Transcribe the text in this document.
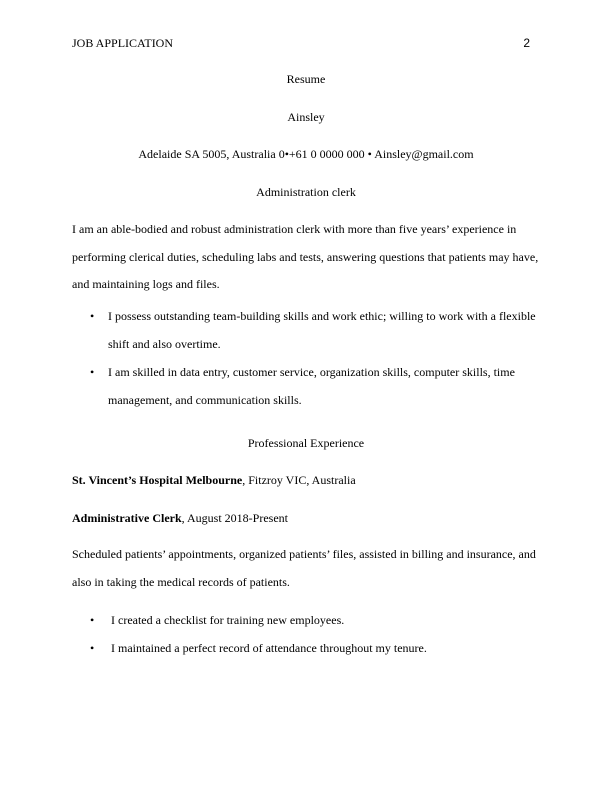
JOB APPLICATION	2
Resume
Ainsley
Adelaide SA 5005, Australia 0•+61 0 0000 000 • Ainsley@gmail.com
Administration clerk
I am an able-bodied and robust administration clerk with more than five years’ experience in
performing clerical duties, scheduling labs and tests, answering questions that patients may have,
and maintaining logs and files.
• I possess outstanding team-building skills and work ethic; willing to work with a flexible
shift and also overtime.
• I am skilled in data entry, customer service, organization skills, computer skills, time
management, and communication skills.
Professional Experience
St. Vincent’s Hospital Melbourne, Fitzroy VIC, Australia
Administrative Clerk, August 2018-Present
Scheduled patients’ appointments, organized patients’ files, assisted in billing and insurance, and
also in taking the medical records of patients.
• I created a checklist for training new employees.
• I maintained a perfect record of attendance throughout my tenure.
